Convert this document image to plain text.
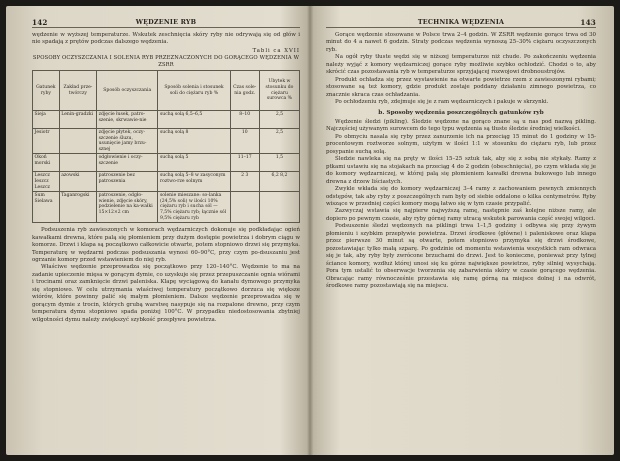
142	WĘDZENIE RYB

wędzenie w wyższej temperaturze. Wskutek zeschnięcia skóry ryby nie odrywają się od głów i nie spadają z prętów podczas dalszego wędzenia.

Tabli ca XVII
SPOSOBY OCZYSZCZANIA I SOLENIA RYB PRZEZNACZONYCH DO GORĄCEGO WĘDZENIA W ZSRR
Gatunek ryby	Zakład prze-twórczy	Sposób oczyszczania	Sposób solenia i stosunek soli do ciężaru ryb %	Czas sole-nia godz.	Ubytek w stosunku do ciężaru surowca %
Sieja	Lenin-gradzki	zdjęcie łusek, patro-szenie, skrwawie-nie	suchą solą 6,5–6,5	8–10	2,5
Jesiotr		zdjęcie płytek, oczy-szczenie śluzu, usunięcie jamy brzu-sznej	suchą solą 8	10	2,5
Okoń morski		odgłowienie i oczy-szczenie	suchą solą 5	11–17	1,5
Leszcz Ieszcz Leszcz	azowski	patroszenie bez patroszenia	suchą solą 5–8 w zasyconym roztwo-rze solnym	2 3	6,2 8,2
Sum Sielawa	Taganrogski	patroszenie, odgło-wienie, zdjęcie skóry, podzielenie na ka-wałki 15×12×2 cm	solenie mieszane: so-lanka (24,5% soli) w ilości 10% ciężaru ryb i sucha sól — 7,5% ciężaru ryb; łącznie sól 9,5% ciężaru ryb		

Podsuszenia ryb zawieszonych w komorach wędzarniczych dokonuje się podkładając ogień kawałkami drewna, które palą się płomieniem przy dużym dostępie powietrza i dobrym ciągu w komorze. Drzwi i klapa są początkowo całkowicie otwarte, potem stopniowo drzwi się przymyka. Temperaturę w wędzarni podczas podsuszania wynosi 60–90°C, przy czym po-dsuszaniu jest ogrzanie komory przed wstawieniem do niej ryb.

Właściwe wędzenie przeprowadza się początkowo przy 120–140°C. Wędzenie to ma na zadanie upieczenie mięsa w gorącym dymie, co uzyskuje się przez przepuszczanie ognia wiórami i trocinami oraz zamknięcie drzwi paleniska. Klapę wyciągową do kanału dymowego przymyka się stopniowo. W celu utrzymania właściwej temperatury początkowo dorzuca się większe wiórów, które powinny palić się małym płomieniem. Dalsze wędzenie przeprowadza się w gorącym dymie z trocin, których grubą warstwę nasypuje się na rozpalone drewno, przy czym temperatura dymu stopniowo spada poniżej 100°C. W przypadku niedostosowania zbytniej wilgotności dymu należy zwiększyć szybkość przepływu powietrza.

TECHNIKA WĘDZENIA	143

Gorące wędzenie stosowane w Polsce trwa 2–4 godzin. W ZSRR wędzenie gorące trwa od 30 minut do 4 a nawet 6 godzin. Straty podczas wędzenia wynoszą 25–30% ciężaru oczyszczonych ryb.

Na ogół ryby tłuste wędzi się w niższej temperaturze niż chude. Po zakończeniu wędzenia należy wyjąć z komory wędzarniczej gorące ryby możliwie szybko ochłodzić. Chodzi o to, aby skrócić czas pozostawania ryb w temperaturze sprzyjającej rozwojowi drobnoustrojów.

Produkt ochładza się przez wystawienie na otwarte powietrze rzem z zawieszonymi rybami; stosowane są też komory, gdzie produkt zostaje poddany działaniu zimnego powietrza, co znacznie skraca czas ochładzania.

Po ochłodzeniu ryb, zdejmuje się je z ram wędzarniczych i pakuje w skrzynki.

b. Sposoby wędzenia poszczególnych gatunków ryb

Wędzenie śledzi (pikling). Śledzie wędzone na gorąco znane są u nas pod nazwą pikling. Najczęściej używanym surowcem do tego typu wędzenia są tłuste śledzie średniej wielkości.

Po obmyciu nasala się ryby przez zanurzenie ich na przeciąg 15 minut do 1 godziny w 15-procentowym roztworze solnym, użytym w ilości 1:1 w stosunku do ciężaru ryb, lub przez posypanie suchą solą.

Śledzie nawleka się na pręty w ilości 15–25 sztuk tak, aby się z sobą nie stykały. Ramy z ptkami ustawiu się na stojakach na przeciąg 4 do 2 godzin (obeschnięcia), po czym wkłada się je do komory wędzarniczej, w której palą się płomieniem kawałki drewna bukowego lub innego drewna z drzew liściastych.

Zwykle wkłada się do komory wędzarniczej 3–4 ramy z zachowaniem pewnych zmiennych odstępów, tak aby ryby z poszczególnych ram były od siebie oddalone o kilka centymetrów. Ryby wiszące w przedniej części komory mogą łatwo się w tym czasie przypalić.

Zazwyczaj wstawia się najpierw najwyższą ramę, następnie zaś kolejne niższe ramy, ale dopiero po pewnym czasie, aby ryby górnej ramy utracą wskutek parowania część swojej wilgoci.

Podsuszenie śledzi wędzonych na piklingi trwa 1–1,5 godziny i odbywa się przy żywym płomieniu i szybkim przepływie powietrza. Drzwi środkowe (główne) i paleniskowe oraz klapa przez pierwsze 30 minut są otwarte, potem stopniowo przymyka się drzwi środkowe, pozostawiając tylko małą szparę. Po godzinie od momentu wstawienia wszystkich ram odwraca się je tak, aby ryby były zwrócone brzuchami do drzwi. Jest to konieczne, ponieważ przy tylnej ściance komory, wzdłuż której unosi się ku górze największe powietrze, ryby silniej wysychają. Pora tym ustalić to obserwacje tworzenia się zabarwienia skóry w czasie gorącego wędzenia. Obracając ramy równocześnie przestawia się ramę górną na miejsce dolnej i na odwrót, środkowe ramy pozostawiają się na miejscu.
